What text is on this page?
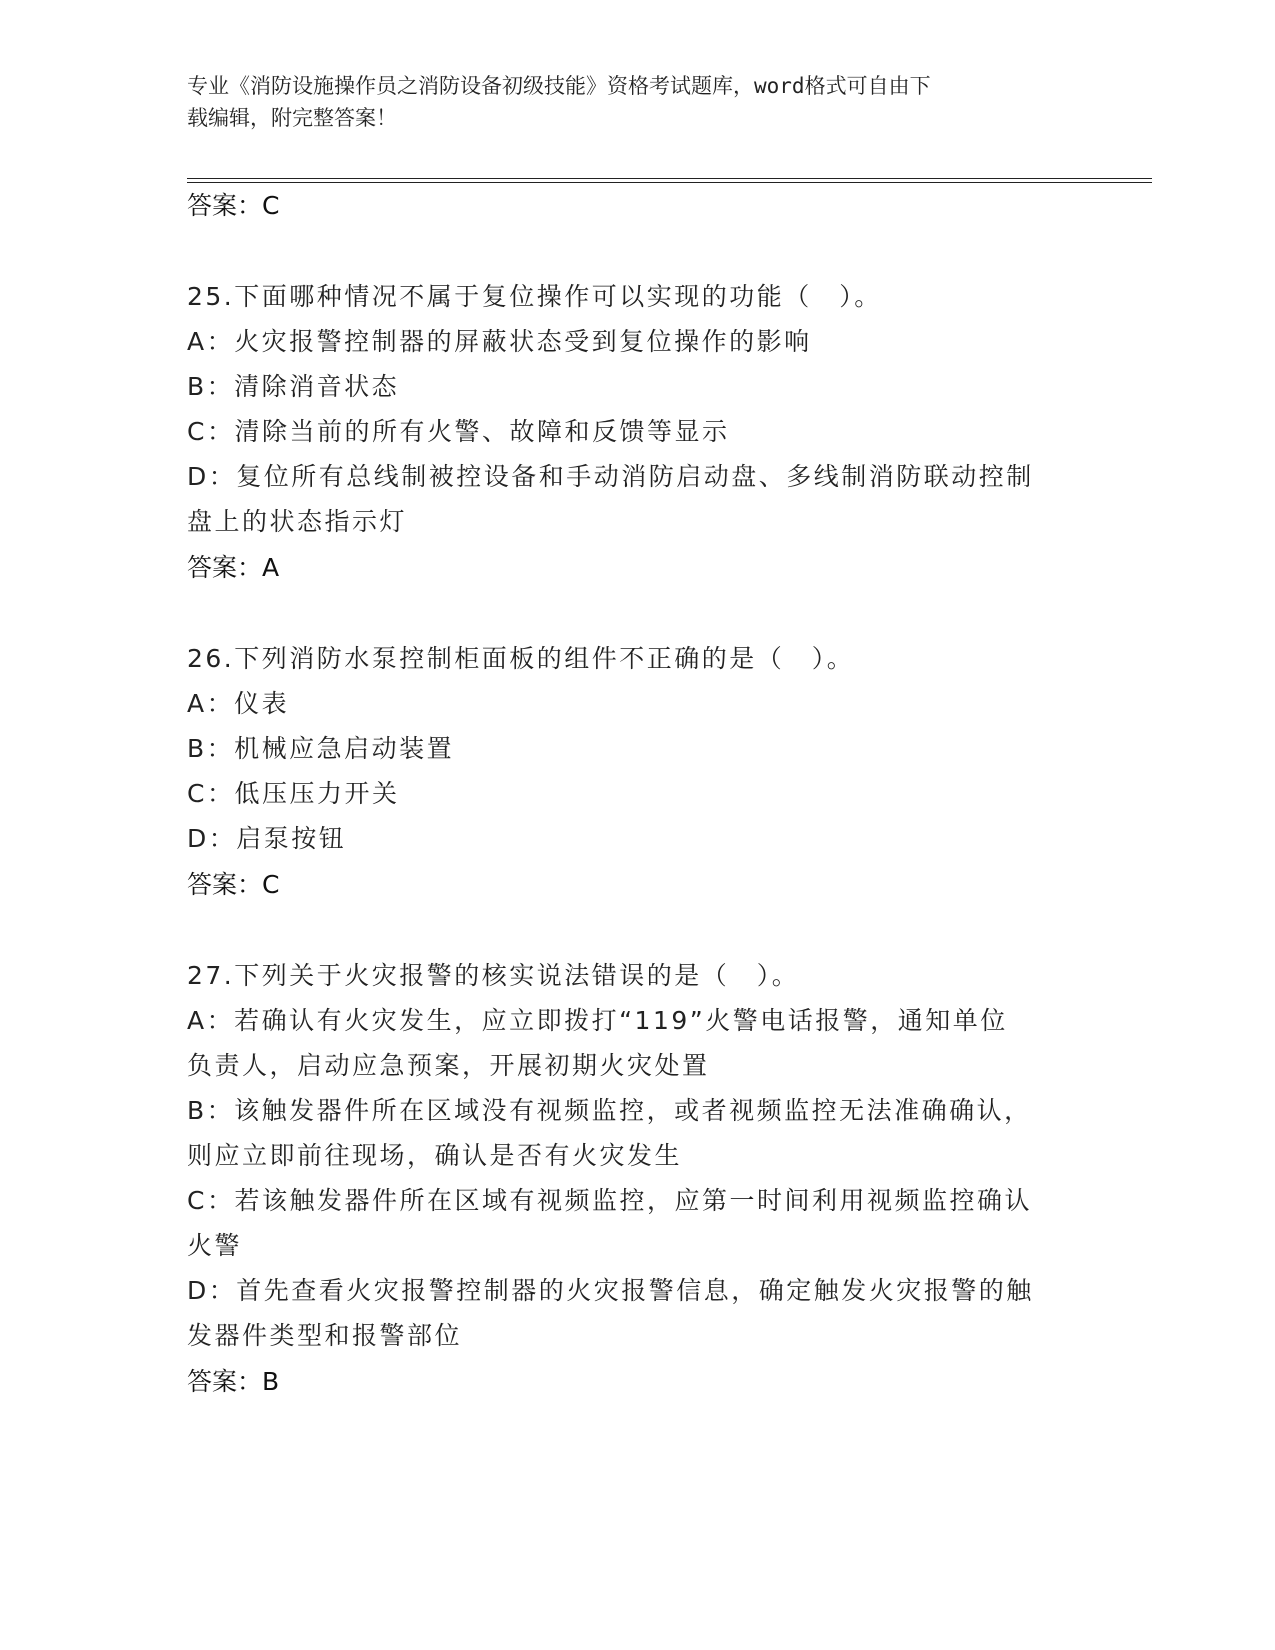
专业《消防设施操作员之消防设备初级技能》资格考试题库，word格式可自由下
载编辑，附完整答案！
答案：C
25.下面哪种情况不属于复位操作可以实现的功能（　）。
A：火灾报警控制器的屏蔽状态受到复位操作的影响
B：清除消音状态
C：清除当前的所有火警、故障和反馈等显示
D：复位所有总线制被控设备和手动消防启动盘、多线制消防联动控制
盘上的状态指示灯
答案：A
26.下列消防水泵控制柜面板的组件不正确的是（　）。
A：仪表
B：机械应急启动装置
C：低压压力开关
D：启泵按钮
答案：C
27.下列关于火灾报警的核实说法错误的是（　）。
A：若确认有火灾发生，应立即拨打“119”火警电话报警，通知单位
负责人，启动应急预案，开展初期火灾处置
B：该触发器件所在区域没有视频监控，或者视频监控无法准确确认，
则应立即前往现场，确认是否有火灾发生
C：若该触发器件所在区域有视频监控，应第一时间利用视频监控确认
火警
D：首先查看火灾报警控制器的火灾报警信息，确定触发火灾报警的触
发器件类型和报警部位
答案：B
